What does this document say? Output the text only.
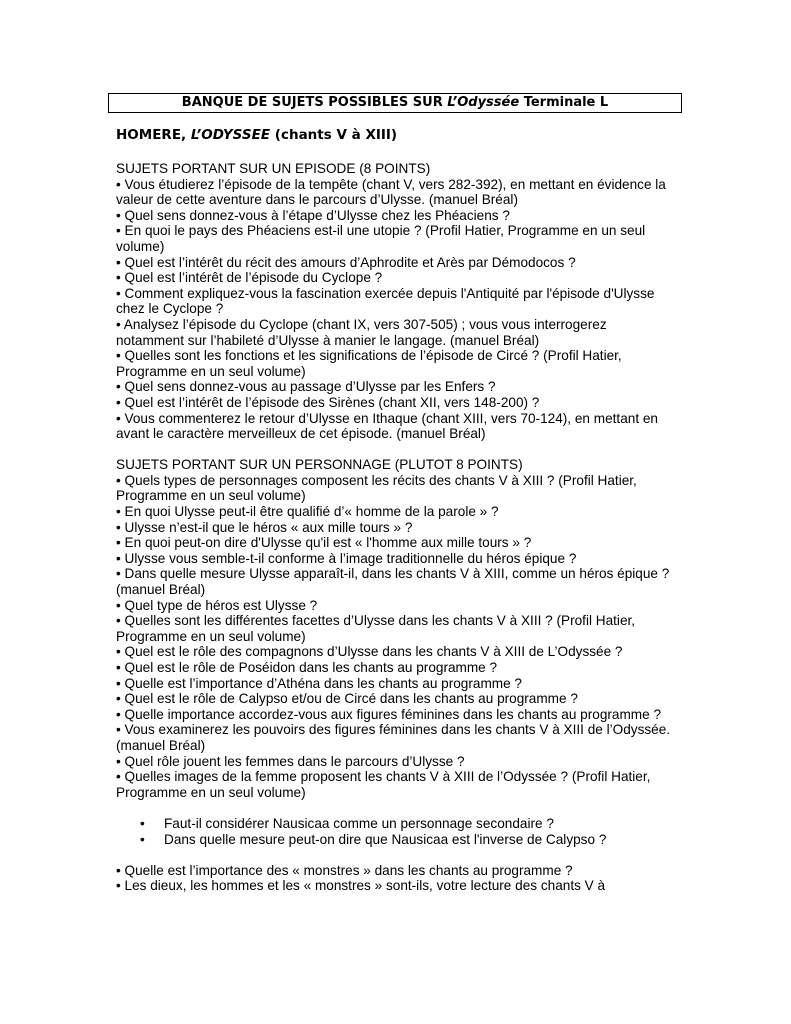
BANQUE DE SUJETS POSSIBLES SUR L’Odyssée Terminale L
HOMERE, L’ODYSSEE (chants V à XIII)

SUJETS PORTANT SUR UN EPISODE (8 POINTS)

• Vous étudierez l’épisode de la tempête (chant V, vers 282-392), en mettant en évidence la valeur de cette aventure dans le parcours d’Ulysse. (manuel Bréal)

• Quel sens donnez-vous à l’étape d’Ulysse chez les Phéaciens ?

• En quoi le pays des Phéaciens est-il une utopie ? (Profil Hatier, Programme en un seul volume)

• Quel est l’intérêt du récit des amours d’Aphrodite et Arès par Démodocos ?

• Quel est l’intérêt de l’épisode du Cyclope ?

• Comment expliquez-vous la fascination exercée depuis l'Antiquité par l'épisode d'Ulysse chez le Cyclope ?

• Analysez l’épisode du Cyclope (chant IX, vers 307-505) ; vous vous interrogerez notamment sur l’habileté d’Ulysse à manier le langage. (manuel Bréal)

• Quelles sont les fonctions et les significations de l’épisode de Circé ? (Profil Hatier, Programme en un seul volume)

• Quel sens donnez-vous au passage d’Ulysse par les Enfers ?

• Quel est l’intérêt de l’épisode des Sirènes (chant XII, vers 148-200) ?

• Vous commenterez le retour d’Ulysse en Ithaque (chant XIII, vers 70-124), en mettant en avant le caractère merveilleux de cet épisode. (manuel Bréal)

SUJETS PORTANT SUR UN PERSONNAGE (PLUTOT 8 POINTS)

• Quels types de personnages composent les récits des chants V à XIII ? (Profil Hatier, Programme en un seul volume)

• En quoi Ulysse peut-il être qualifié d’« homme de la parole » ?

• Ulysse n’est-il que le héros « aux mille tours » ?

• En quoi peut-on dire d'Ulysse qu'il est « l'homme aux mille tours » ?

• Ulysse vous semble-t-il conforme à l’image traditionnelle du héros épique ?

• Dans quelle mesure Ulysse apparaît-il, dans les chants V à XIII, comme un héros épique ? (manuel Bréal)

• Quel type de héros est Ulysse ?

• Quelles sont les différentes facettes d’Ulysse dans les chants V à XIII ? (Profil Hatier, Programme en un seul volume)

• Quel est le rôle des compagnons d’Ulysse dans les chants V à XIII de L’Odyssée ?

• Quel est le rôle de Poséidon dans les chants au programme ?

• Quelle est l’importance d’Athéna dans les chants au programme ?

• Quel est le rôle de Calypso et/ou de Circé dans les chants au programme ?

• Quelle importance accordez-vous aux figures féminines dans les chants au programme ?

• Vous examinerez les pouvoirs des figures féminines dans les chants V à XIII de l’Odyssée. (manuel Bréal)

• Quel rôle jouent les femmes dans le parcours d’Ulysse ?

• Quelles images de la femme proposent les chants V à XIII de l’Odyssée ? (Profil Hatier, Programme en un seul volume)

• Faut-il considérer Nausicaa comme un personnage secondaire ?

• Dans quelle mesure peut-on dire que Nausicaa est l'inverse de Calypso ?

• Quelle est l’importance des « monstres » dans les chants au programme ?

• Les dieux, les hommes et les « monstres » sont-ils, votre lecture des chants V à
